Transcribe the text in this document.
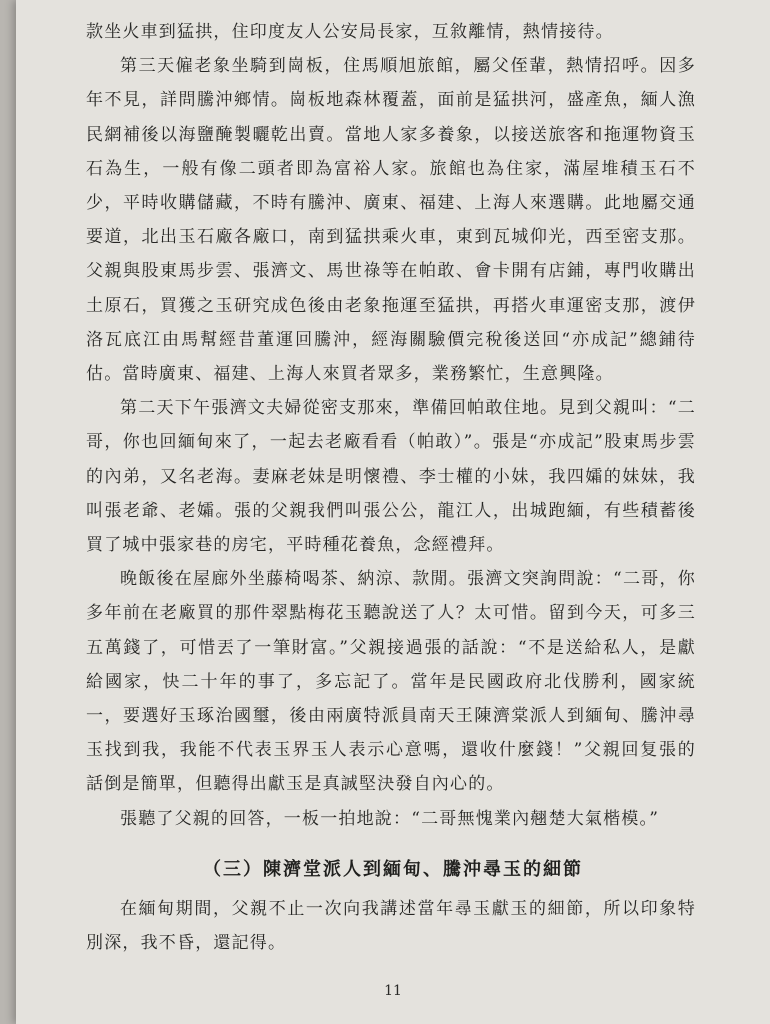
款坐火車到猛拱，住印度友人公安局長家，互敘離情，熱情接待。

第三天僱老象坐騎到崗板，住馬順旭旅館，屬父侄輩，熱情招呼。因多年不見，詳問騰沖鄉情。崗板地森林覆蓋，面前是猛拱河，盛產魚，緬人漁民網補後以海鹽醃製曬乾出賣。當地人家多養象，以接送旅客和拖運物資玉石為生，一般有像二頭者即為富裕人家。旅館也為住家，滿屋堆積玉石不少，平時收購儲藏，不時有騰沖、廣東、福建、上海人來選購。此地屬交通要道，北出玉石廠各廠口，南到猛拱乘火車，東到瓦城仰光，西至密支那。父親與股東馬步雲、張濟文、馬世祿等在帕敢、會卡開有店鋪，專門收購出土原石，買獲之玉研究成色後由老象拖運至猛拱，再搭火車運密支那，渡伊洛瓦底江由馬幫經昔董運回騰沖，經海關驗價完稅後送回“亦成記”總鋪待估。當時廣東、福建、上海人來買者眾多，業務繁忙，生意興隆。

第二天下午張濟文夫婦從密支那來，準備回帕敢住地。見到父親叫：“二哥，你也回緬甸來了，一起去老廠看看（帕敢）”。張是“亦成記”股東馬步雲的內弟，又名老海。妻麻老妹是明懷禮、李士權的小妹，我四孀的妹妹，我叫張老爺、老孀。張的父親我們叫張公公，龍江人，出城跑緬，有些積蓄後買了城中張家巷的房宅，平時種花養魚，念經禮拜。

晚飯後在屋廊外坐藤椅喝茶、納涼、款閒。張濟文突詢問說：“二哥，你多年前在老廠買的那件翠點梅花玉聽說送了人？太可惜。留到今天，可多三五萬錢了，可惜丟了一筆財富。”父親接過張的話說：“不是送給私人，是獻給國家，快二十年的事了，多忘記了。當年是民國政府北伐勝利，國家統一，要選好玉琢治國璽，後由兩廣特派員南天王陳濟棠派人到緬甸、騰沖尋玉找到我，我能不代表玉界玉人表示心意嗎，還收什麼錢！”父親回复張的話倒是簡單，但聽得出獻玉是真誠堅決發自內心的。

張聽了父親的回答，一板一拍地說：“二哥無愧業內翹楚大氣楷模。”

（三）陳濟堂派人到緬甸、騰沖尋玉的細節

在緬甸期間，父親不止一次向我講述當年尋玉獻玉的細節，所以印象特別深，我不昏，還記得。

11
